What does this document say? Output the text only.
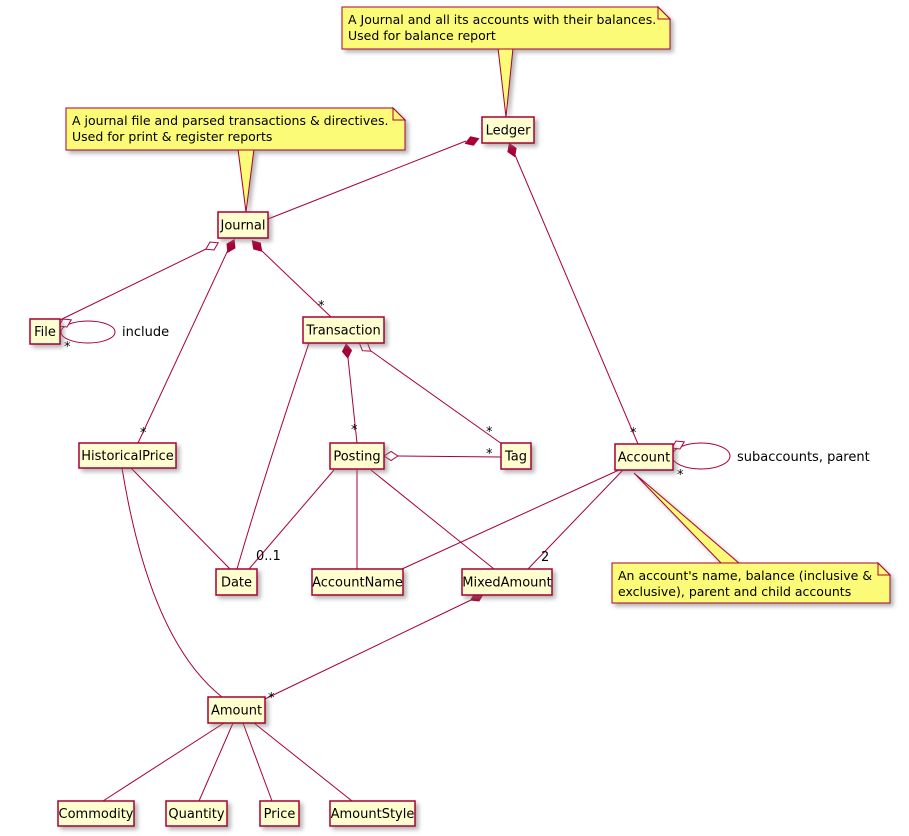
include
subaccounts, parent
*
*
*	*
*
*
*
*
0..1	2
*
A Journal and all its accounts with their balances.
Used for balance report
A journal file and parsed transactions & directives.
Used for print & register reports
An account's name, balance (inclusive &
exclusive), parent and child accounts
Ledger
Journal
File	Transaction
HistoricalPrice	Posting	Tag	Account
Date	AccountName	MixedAmount
Amount
Commodity	Quantity	Price	AmountStyle
